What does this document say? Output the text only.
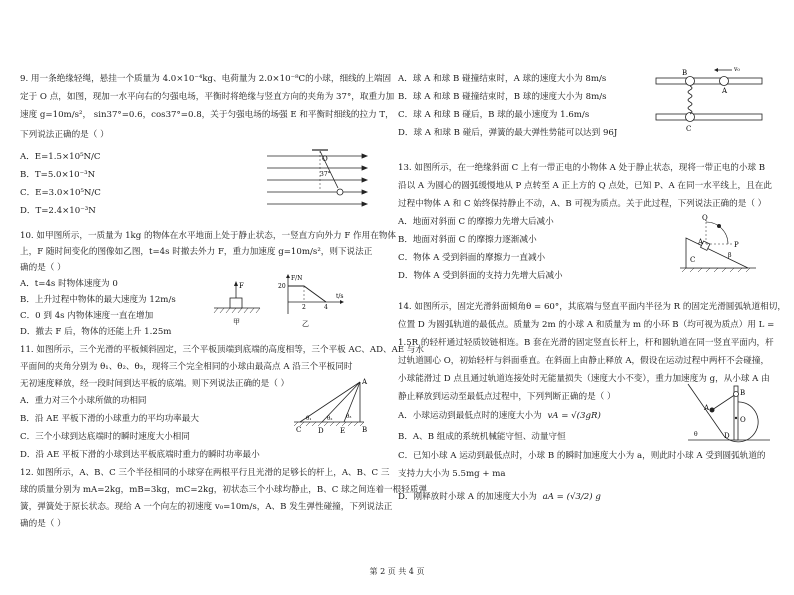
9. 用一条绝缘轻绳，悬挂一个质量为 4.0×10⁻⁴kg、电荷量为 2.0×10⁻⁸C的小球，细线的上端固
定于 O 点，如图，现加一水平向右的匀强电场，平衡时将绝缘与竖直方向的夹角为 37°，取重力加
速度 g=10m/s²， sin37°=0.6，cos37°=0.8，关于匀强电场的场强 E 和平衡时细线的拉力 T，
下列说法正确的是（ ）
A．E=1.5×10⁵N/C
B．T=5.0×10⁻³N
C．E=3.0×10⁵N/C
D．T=2.4×10⁻³N
O
37°
10. 如甲图所示，一质量为 1kg 的物体在水平地面上处于静止状态，一竖直方向外力 F 作用在物体
上，F 随时间变化的图像如乙图，t=4s 时撤去外力 F，重力加速度 g=10m/s²，则下说法正
确的是（ ）
A．t=4s 时物体速度为 0
B．上升过程中物体的最大速度为 12m/s
C．0 到 4s 内物体速度一直在增加
D．撤去 F 后，物体的还能上升 1.25m
F
甲
F/N
20
2	4
t/s
乙
11. 如图所示，三个光滑的平板倾斜固定，三个平板顶端到底端的高度相等，三个平板 AC、AD、AE 与水
平面间的夹角分别为 θ₁、θ₂、θ₃，现将三个完全相同的小球由最高点 A 沿三个平板同时
无初速度释放，经一段时间到达平板的底端。则下列说法正确的是（ ）
A．重力对三个小球所做的功相同
B．沿 AE 平板下滑的小球重力的平均功率最大
C．三个小球到达底端时的瞬时速度大小相同
D．沿 AE 平板下滑的小球到达平板底端时重力的瞬时功率最小
A
B
C D E
θ₁	θ₂ θ₃
12. 如图所示，A、B、C 三个半径相同的小球穿在两根平行且光滑的足够长的杆上，A、B、C 三
球的质量分别为 mA=2kg，mB=3kg，mC=2kg，初状态三个小球均静止，B、C 球之间连着一根轻质弹
簧，弹簧处于原长状态。现给 A 一个向左的初速度 v₀=10m/s，A、B 发生弹性碰撞，下列说法正
确的是（ ）
A．球 A 和球 B 碰撞结束时，A 球的速度大小为 8m/s
B．球 A 和球 B 碰撞结束时，B 球的速度大小为 8m/s
C．球 A 和球 B 碰后，B 球的最小速度为 1.6m/s
D．球 A 和球 B 碰后，弹簧的最大弹性势能可以达到 96J
B
A
C
v₀
13. 如图所示，在一绝缘斜面 C 上有一带正电的小物体 A 处于静止状态，现将一带正电的小球 B
沿以 A 为圆心的圆弧缓慢地从 P 点转至 A 正上方的 Q 点处，已知 P、A 在同一水平线上，且在此
过程中物体 A 和 C 始终保持静止不动，A、B 可视为质点。关于此过程，下列说法正确的是（ ）
A．地面对斜面 C 的摩擦力先增大后减小
B．地面对斜面 C 的摩擦力逐渐减小
C．物体 A 受到斜面的摩擦力一直减小
D．物体 A 受到斜面的支持力先增大后减小
Q
A
C
P
β
14. 如图所示，固定光滑斜面倾角θ = 60°，其底端与竖直平面内半径为 R 的固定光滑圆弧轨道相切，
位置 D 为圆弧轨道的最低点。质量为 2m 的小球 A 和质量为 m 的小环 B（均可视为质点）用 L =
1.5R 的轻杆通过轻质铰链相连。B 套在光滑的固定竖直长杆上，杆和圆轨道在同一竖直平面内，杆
过轨道圆心 O，初始轻杆与斜面垂直。在斜面上由静止释放 A，假设在运动过程中两杆不会碰撞，
小球能滑过 D 点且通过轨道连接处时无能量损失（速度大小不变），重力加速度为 g，从小球 A 由
静止释放到运动至最低点过程中，下列判断正确的是（ ）
A．小球运动到最低点时的速度大小为 vA = √(3gR)
B．A、B 组成的系统机械能守恒、动量守恒
C．已知小球 A 运动到最低点时，小球 B 的瞬时加速度大小为 a，则此时小球 A 受到圆弧轨道的
支持力大小为 5.5mg + ma
D．刚释放时小球 A 的加速度大小为 aA = (√3/2) g
A
B
O
D
θ
第 2 页 共 4 页
